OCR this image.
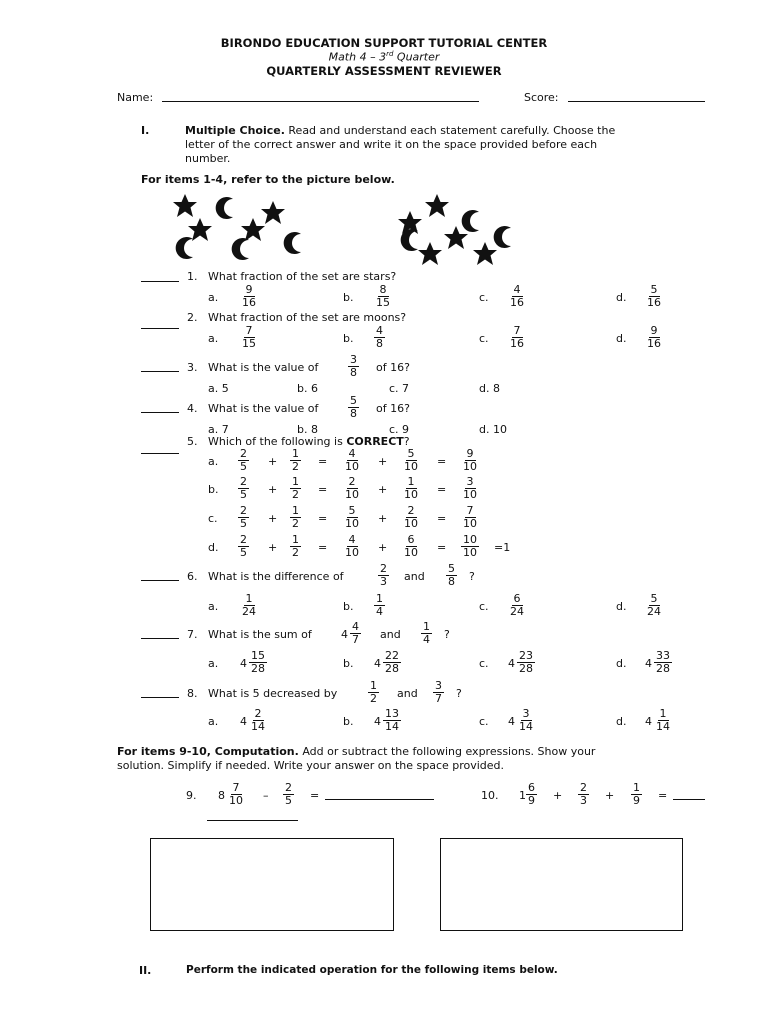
BIRONDO EDUCATION SUPPORT TUTORIAL CENTER
Math 4 – 3rd Quarter
QUARTERLY ASSESSMENT REVIEWER
Name:	Score:
I.	Multiple Choice. Read and understand each statement carefully. Choose the
letter of the correct answer and write it on the space provided before each
number.
For items 1-4, refer to the picture below.
1. What fraction of the set are stars?
a. $\frac{9}{16}$	b. $\frac{8}{15}$	c. $\frac{4}{16}$	d. $\frac{5}{16}$
2. What fraction of the set are moons?
a. $\frac{7}{15}$	b. $\frac{4}{8}$	c. $\frac{7}{16}$	d. $\frac{9}{16}$
3. What is the value of	$\frac{3}{8}$ of 16?
a. 5	b. 6	c. 7	d. 8
4. What is the value of	$\frac{5}{8}$ of 16?
a. 7	b. 8	c. 9	d. 10
5. Which of the following is CORRECT?
a. $\frac{2}{5} + \frac{1}{2} = \frac{4}{10} + \frac{5}{10} = \frac{9}{10}$
b. $\frac{2}{5} + \frac{1}{2} = \frac{2}{10} + \frac{1}{10} = \frac{3}{10}$
c. $\frac{2}{5} + \frac{1}{2} = \frac{5}{10} + \frac{2}{10} = \frac{7}{10}$
d. $\frac{2}{5} + \frac{1}{2} = \frac{4}{10} + \frac{6}{10} = \frac{10}{10} =1$
6. What is the difference of	$\frac{2}{3}$ and $\frac{5}{8}$ ?
a. $\frac{1}{24}$	b. $\frac{1}{4}$	c. $\frac{6}{24}$	d. $\frac{5}{24}$
7. What is the sum of	$4 \frac{4}{7}$ and $\frac{1}{4}$ ?
a. $4 \frac{15}{28}$	b. $4 \frac{22}{28}$	c. $4 \frac{23}{28}$	d. $4 \frac{33}{28}$
8. What is 5 decreased by	$\frac{1}{2}$ and $\frac{3}{7}$ ?
a. $4 \frac{2}{14}$	b. $4 \frac{13}{14}$	c. $4 \frac{3}{14}$	d. $4 \frac{1}{14}$
For items 9-10, Computation. Add or subtract the following expressions. Show your
solution. Simplify if needed. Write your answer on the space provided.
9. $8 \frac{7}{10} - \frac{2}{5}$ =	10. $1 \frac{6}{9} + \frac{2}{3} + \frac{1}{9}$ =
II.	Perform the indicated operation for the following items below.
